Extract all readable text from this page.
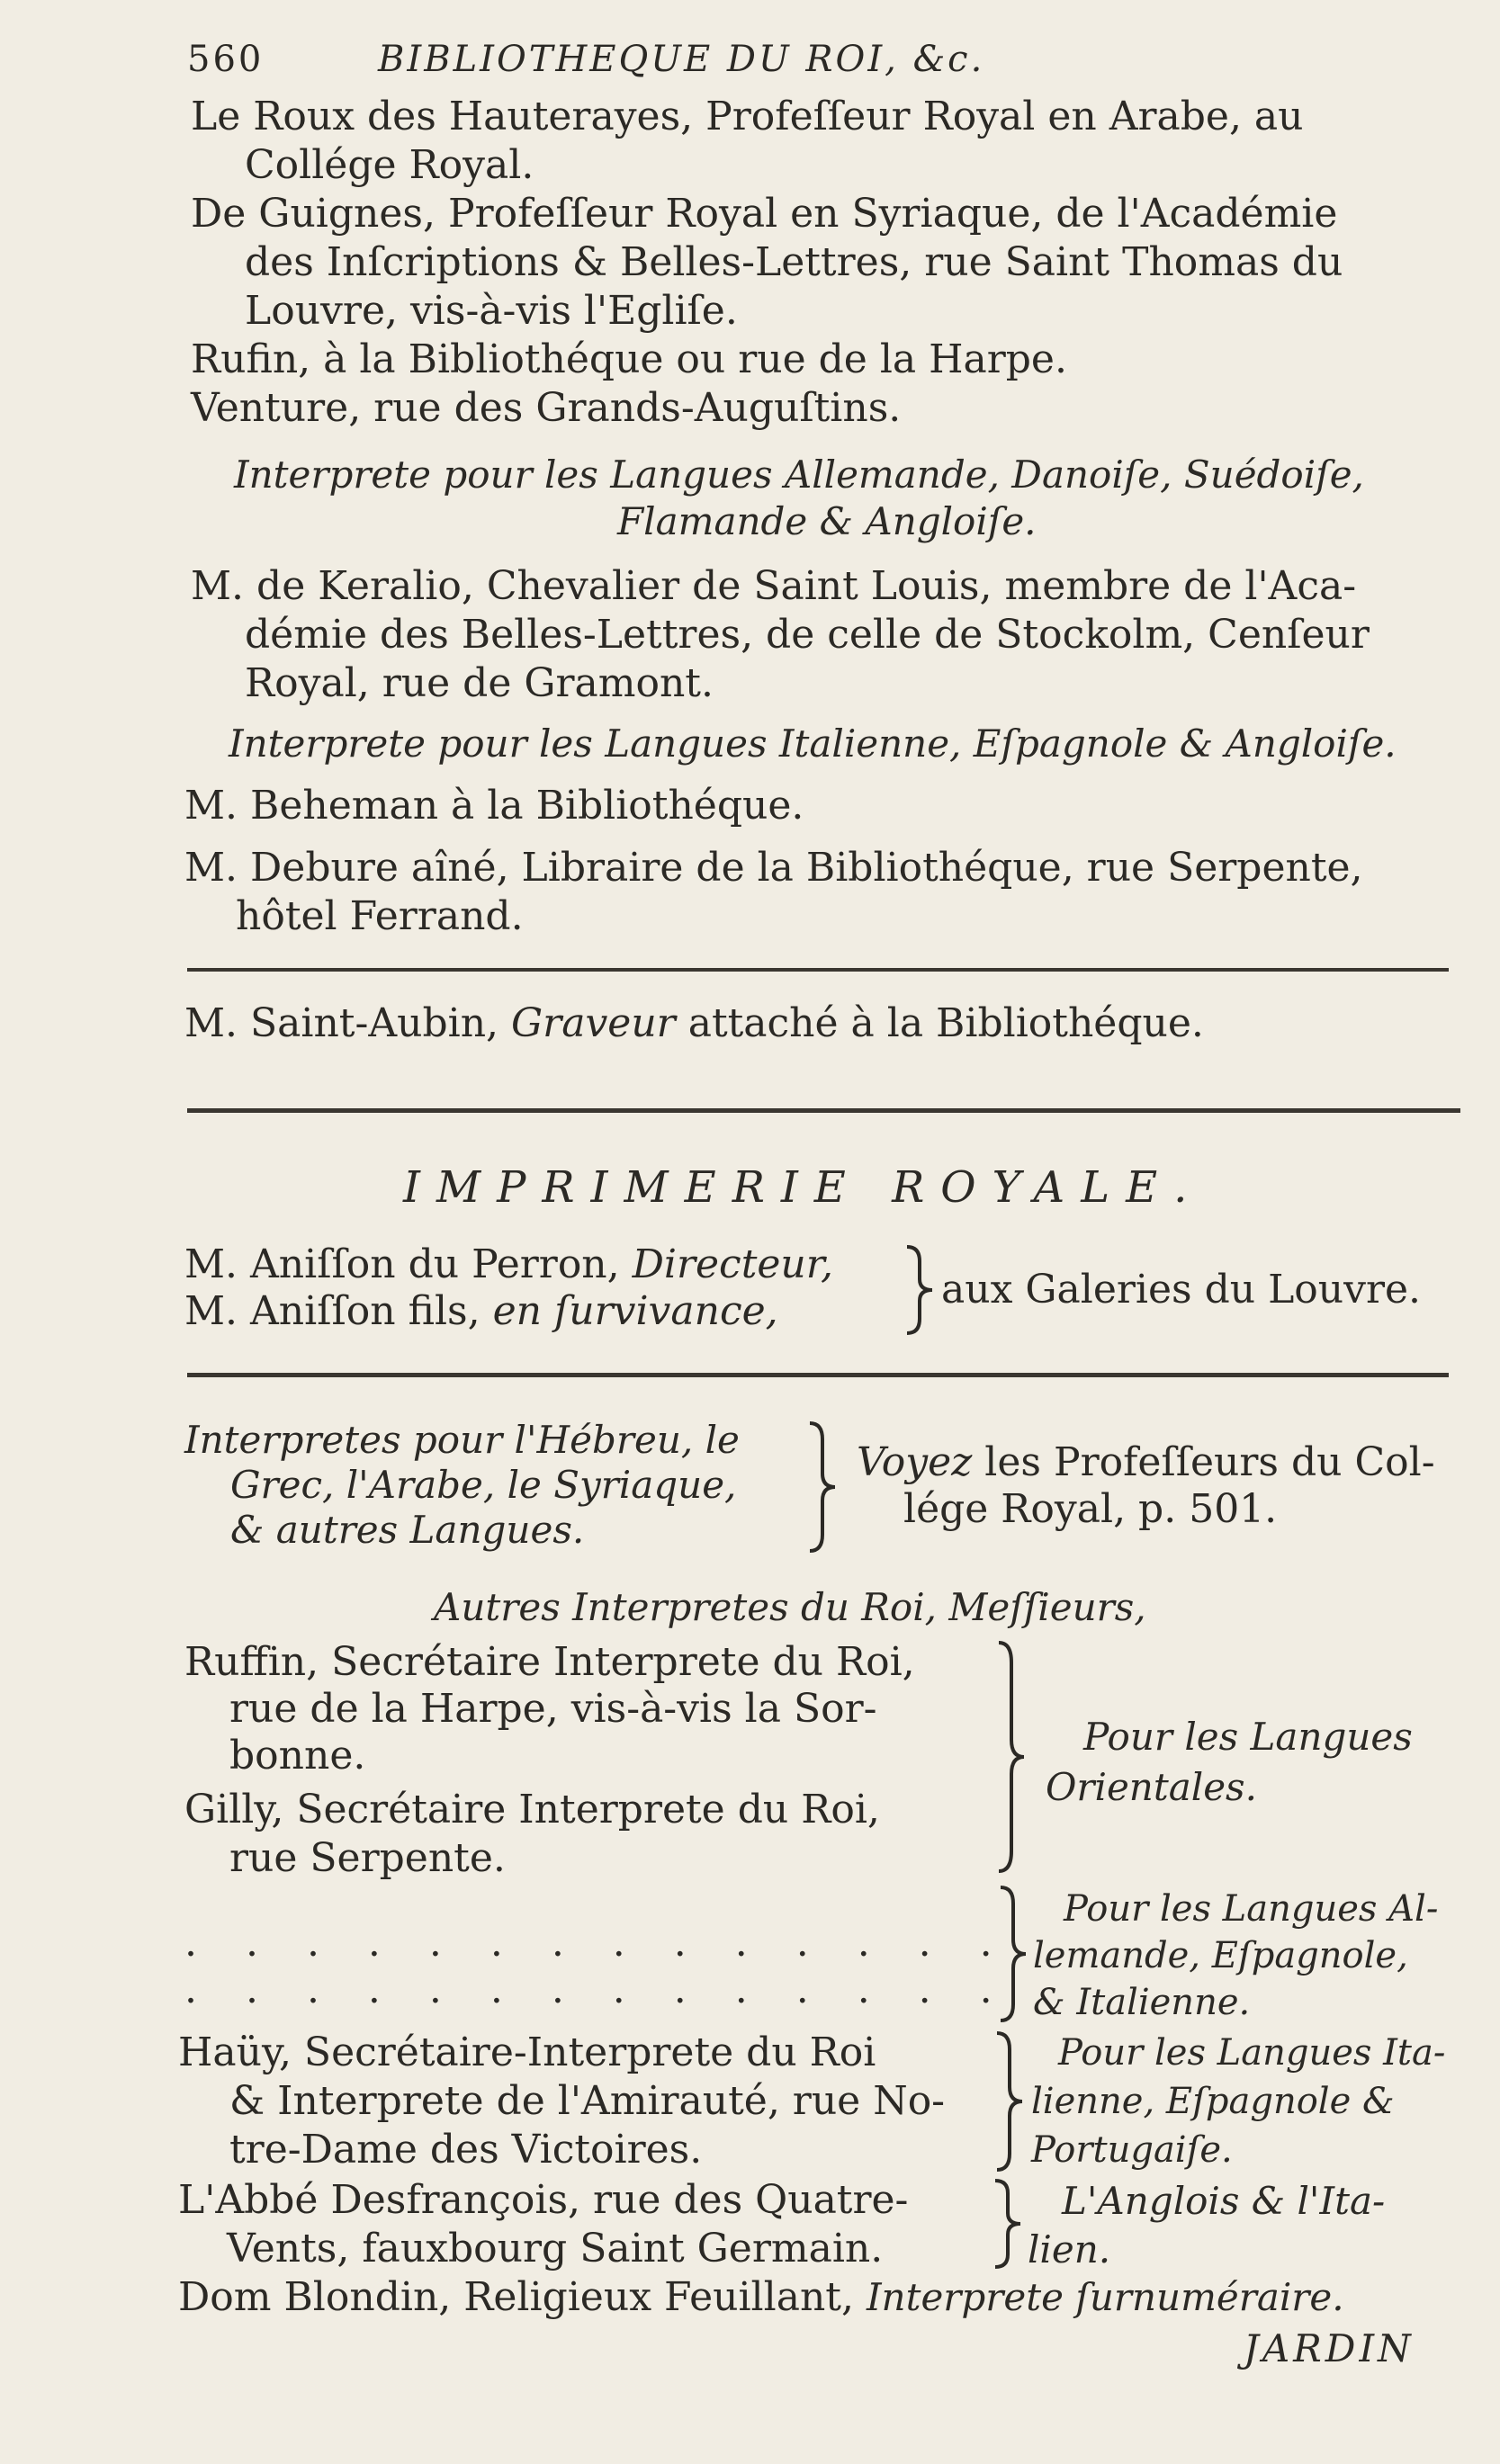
560	BIBLIOTHEQUE DU ROI, &c.
Le Roux des Hauterayes, Profeſſeur Royal en Arabe, au
Collége Royal.
De Guignes, Profeſſeur Royal en Syriaque, de l'Académie
des Inſcriptions & Belles-Lettres, rue Saint Thomas du
Louvre, vis-à-vis l'Egliſe.
Rufin, à la Bibliothéque ou rue de la Harpe.
Venture, rue des Grands-Auguſtins.
Interprete pour les Langues Allemande, Danoiſe, Suédoiſe,
Flamande & Angloiſe.
M. de Keralio, Chevalier de Saint Louis, membre de l'Aca-
démie des Belles-Lettres, de celle de Stockolm, Cenſeur
Royal, rue de Gramont.
Interprete pour les Langues Italienne, Eſpagnole & Angloiſe.
M. Beheman à la Bibliothéque.
M. Debure aîné, Libraire de la Bibliothéque, rue Serpente,
hôtel Ferrand.
M. Saint-Aubin, Graveur attaché à la Bibliothéque.
IMPRIMERIE ROYALE.
M. Aniſſon du Perron, Directeur,
M. Aniſſon fils, en ſurvivance,	aux Galeries du Louvre.
Interpretes pour l'Hébreu, le
Grec, l'Arabe, le Syriaque,
& autres Langues.
Voyez les Profeſſeurs du Col-
lége Royal, p. 501.
Autres Interpretes du Roi, Meſſieurs,
Ruffin, Secrétaire Interprete du Roi,
rue de la Harpe, vis-à-vis la Sor-
bonne.
Gilly, Secrétaire Interprete du Roi,
rue Serpente.
Pour les Langues
Orientales.
. . . . . . . . . . . . . .
. . . . . . . . . . . . . .
Pour les Langues Al-
lemande, Eſpagnole,
& Italienne.
Haüy, Secrétaire-Interprete du Roi
& Interprete de l'Amirauté, rue No-
tre-Dame des Victoires.
Pour les Langues Ita-
lienne, Eſpagnole &
Portugaiſe.
L'Abbé Desfrançois, rue des Quatre-
Vents, fauxbourg Saint Germain.
L'Anglois & l'Ita-
lien.
Dom Blondin, Religieux Feuillant, Interprete ſurnuméraire.
JARDIN
